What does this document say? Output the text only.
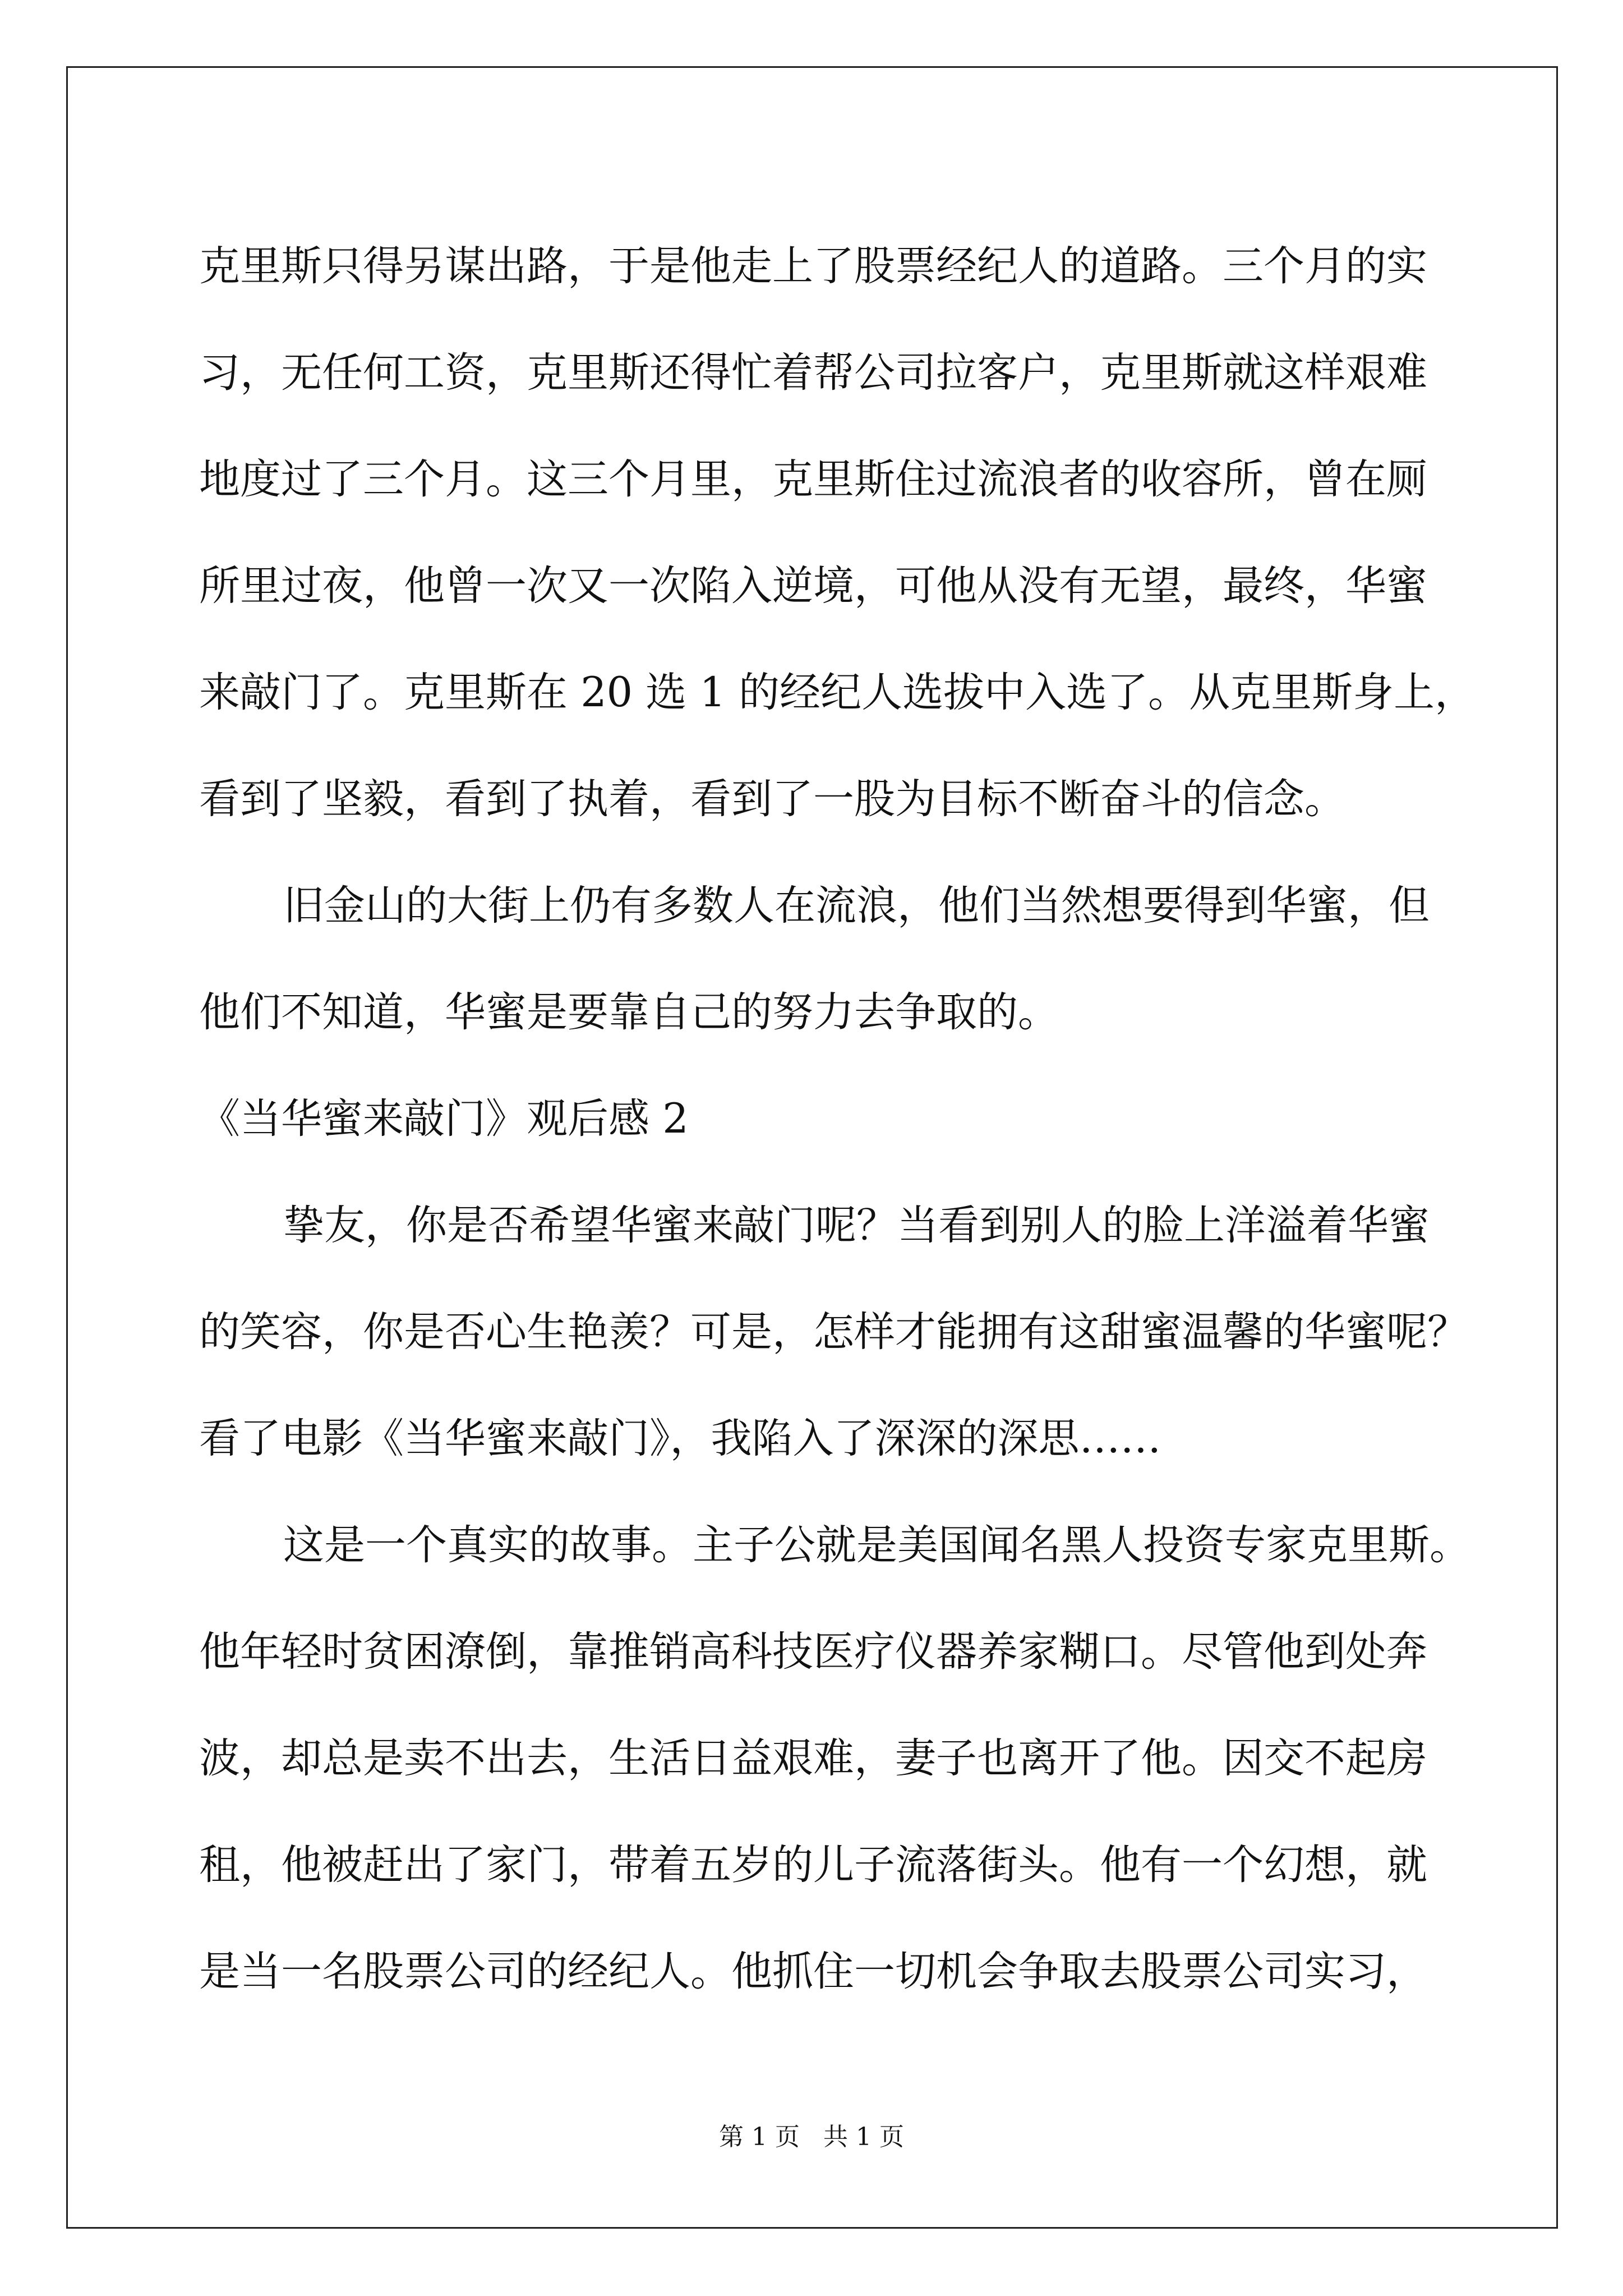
克里斯只得另谋出路，于是他走上了股票经纪人的道路。三个月的实

习，无任何工资，克里斯还得忙着帮公司拉客户，克里斯就这样艰难

地度过了三个月。这三个月里，克里斯住过流浪者的收容所，曾在厕

所里过夜，他曾一次又一次陷入逆境，可他从没有无望，最终，华蜜

来敲门了。克里斯在 20 选 1 的经纪人选拔中入选了。从克里斯身上，

看到了坚毅，看到了执着，看到了一股为目标不断奋斗的信念。

旧金山的大街上仍有多数人在流浪，他们当然想要得到华蜜，但

他们不知道，华蜜是要靠自己的努力去争取的。

《当华蜜来敲门》观后感 2

挚友，你是否希望华蜜来敲门呢？当看到别人的脸上洋溢着华蜜

的笑容，你是否心生艳羡？可是，怎样才能拥有这甜蜜温馨的华蜜呢？

看了电影《当华蜜来敲门》，我陷入了深深的深思……

这是一个真实的故事。主子公就是美国闻名黑人投资专家克里斯。

他年轻时贫困潦倒，靠推销高科技医疗仪器养家糊口。尽管他到处奔

波，却总是卖不出去，生活日益艰难，妻子也离开了他。因交不起房

租，他被赶出了家门，带着五岁的儿子流落街头。他有一个幻想，就

是当一名股票公司的经纪人。他抓住一切机会争取去股票公司实习，

第 1 页 共 1 页
